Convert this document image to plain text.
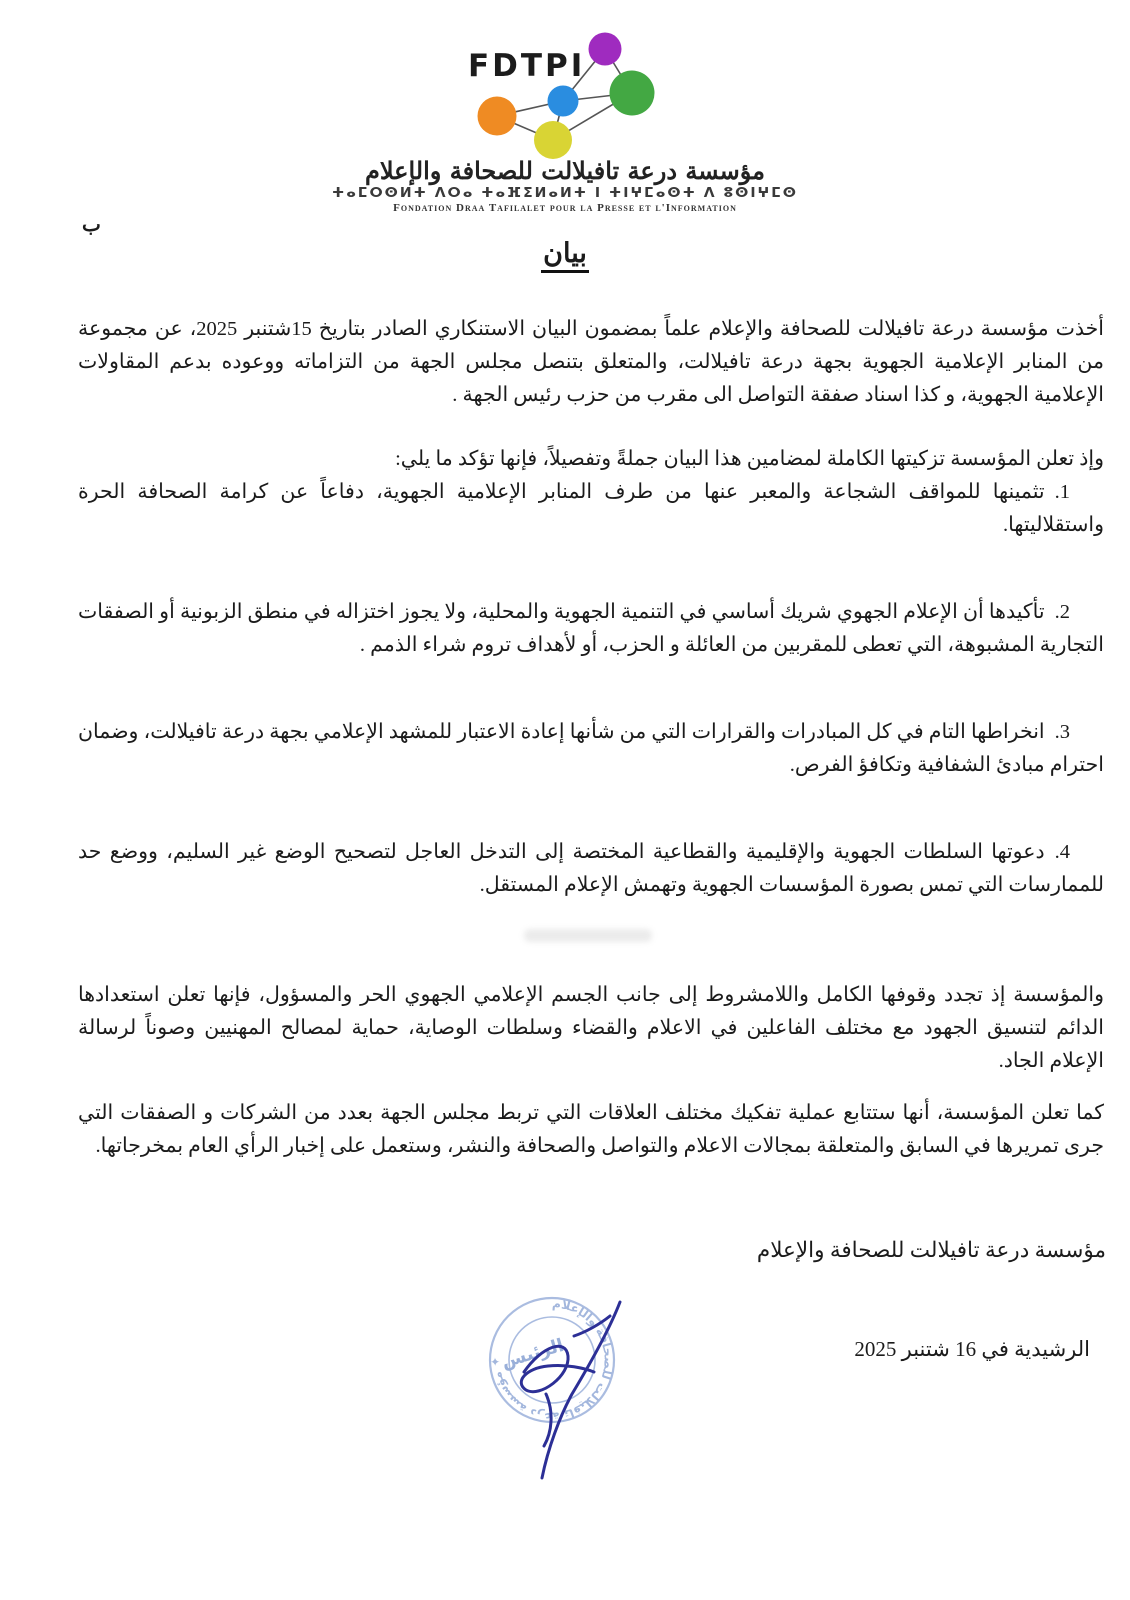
FDTPI
مؤسسة درعة تافيلالت للصحافة والإعلام
ⵜⴰⵎⵔⵙⵍⵜ ⴷⵔⴰ ⵜⴰⴼⵉⵍⴰⵍⵜ ⵏ ⵜⵏⵖⵎⴰⵙⵜ ⴷ ⵓⵙⵏⵖⵎⵙ
Fondation Draa Tafilalet pour la Presse et l'Information
ب
بيان

أخذت مؤسسة درعة تافيلالت للصحافة والإعلام علماً بمضمون البيان الاستنكاري الصادر بتاريخ 15شتنبر 2025، عن مجموعة من المنابر الإعلامية الجهوية بجهة درعة تافيلالت، والمتعلق بتنصل مجلس الجهة من التزاماته ووعوده بدعم المقاولات الإعلامية الجهوية، و كذا اسناد صفقة التواصل الى مقرب من حزب رئيس الجهة .

وإذ تعلن المؤسسة تزكيتها الكاملة لمضامين هذا البيان جملةً وتفصيلاً، فإنها تؤكد ما يلي:

1.تثمينها للمواقف الشجاعة والمعبر عنها من طرف المنابر الإعلامية الجهوية، دفاعاً عن كرامة الصحافة الحرة واستقلاليتها.
2.تأكيدها أن الإعلام الجهوي شريك أساسي في التنمية الجهوية والمحلية، ولا يجوز اختزاله في منطق الزبونية أو الصفقات التجارية المشبوهة، التي تعطى للمقربين من العائلة و الحزب، أو لأهداف تروم شراء الذمم .
3.انخراطها التام في كل المبادرات والقرارات التي من شأنها إعادة الاعتبار للمشهد الإعلامي بجهة درعة تافيلالت، وضمان احترام مبادئ الشفافية وتكافؤ الفرص.
4.دعوتها السلطات الجهوية والإقليمية والقطاعية المختصة إلى التدخل العاجل لتصحيح الوضع غير السليم، ووضع حد للممارسات التي تمس بصورة المؤسسات الجهوية وتهمش الإعلام المستقل.

والمؤسسة إذ تجدد وقوفها الكامل واللامشروط إلى جانب الجسم الإعلامي الجهوي الحر والمسؤول، فإنها تعلن استعدادها الدائم لتنسيق الجهود مع مختلف الفاعلين في الاعلام والقضاء وسلطات الوصاية، حماية لمصالح المهنيين وصوناً لرسالة الإعلام الجاد.

كما تعلن المؤسسة، أنها ستتابع عملية تفكيك مختلف العلاقات التي تربط مجلس الجهة بعدد من الشركات و الصفقات التي جرى تمريرها في السابق والمتعلقة بمجالات الاعلام والتواصل والصحافة والنشر، وستعمل على إخبار الرأي العام بمخرجاتها.

مؤسسة درعة تافيلالت للصحافة والإعلام
مؤسسة درعة تافيلالت للصحافة والإعلام ✦
الرئيس	الرشيدية في 16 شتنبر 2025
